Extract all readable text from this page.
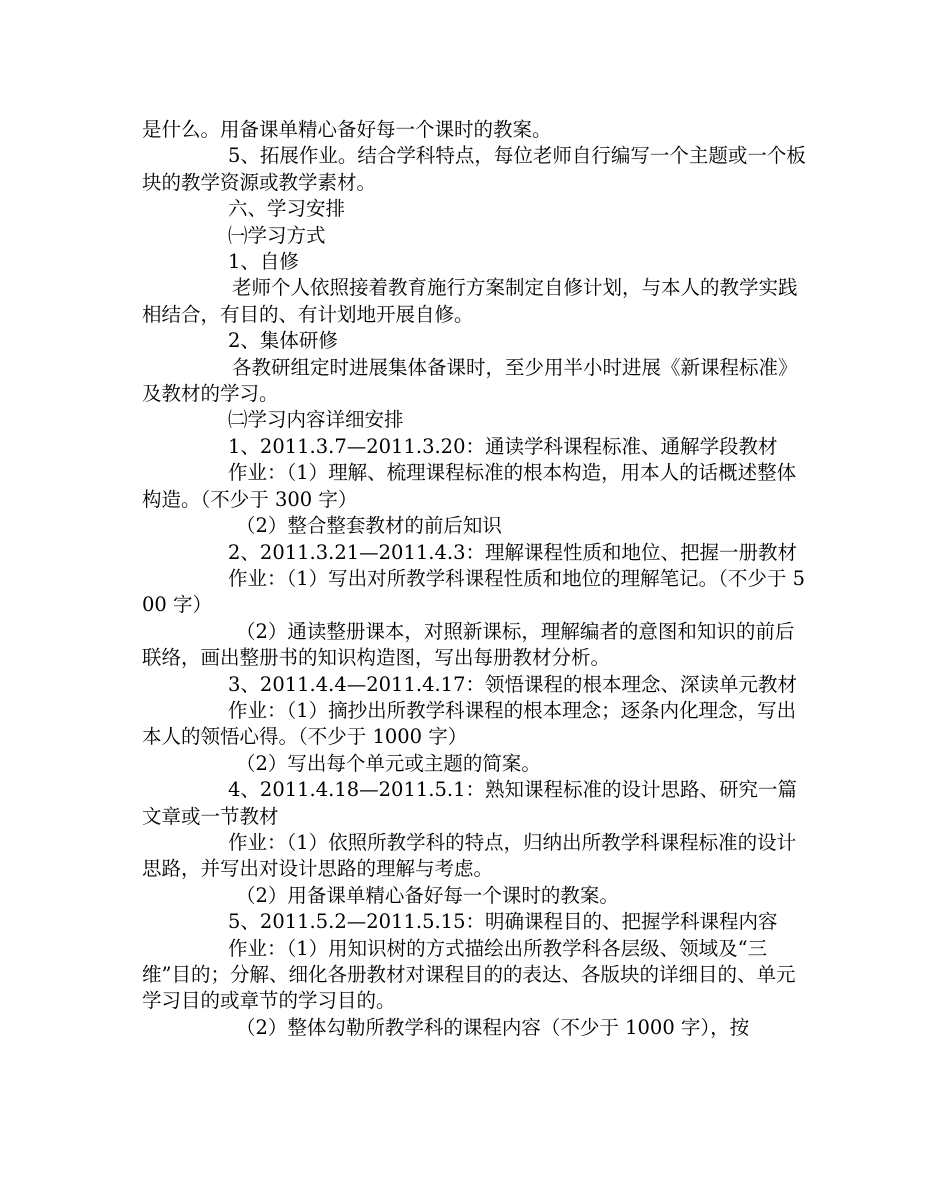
是什么。用备课单精心备好每一个课时的教案。

5、拓展作业。结合学科特点，每位老师自行编写一个主题或一个板块的教学资源或教学素材。

六、学习安排

㈠学习方式

1、自修

老师个人依照接着教育施行方案制定自修计划，与本人的教学实践相结合，有目的、有计划地开展自修。

2、集体研修

各教研组定时进展集体备课时，至少用半小时进展《新课程标准》及教材的学习。

㈡学习内容详细安排

1、2011.3.7—2011.3.20：通读学科课程标准、通解学段教材

作业：（1）理解、梳理课程标准的根本构造，用本人的话概述整体构造。（不少于 300 字）

（2）整合整套教材的前后知识

2、2011.3.21—2011.4.3：理解课程性质和地位、把握一册教材

作业：（1）写出对所教学科课程性质和地位的理解笔记。（不少于 500 字）

（2）通读整册课本，对照新课标，理解编者的意图和知识的前后联络，画出整册书的知识构造图，写出每册教材分析。

3、2011.4.4—2011.4.17：领悟课程的根本理念、深读单元教材

作业：（1）摘抄出所教学科课程的根本理念；逐条内化理念，写出本人的领悟心得。（不少于 1000 字）

（2）写出每个单元或主题的简案。

4、2011.4.18—2011.5.1：熟知课程标准的设计思路、研究一篇文章或一节教材

作业：（1）依照所教学科的特点，归纳出所教学科课程标准的设计思路，并写出对设计思路的理解与考虑。

（2）用备课单精心备好每一个课时的教案。

5、2011.5.2—2011.5.15：明确课程目的、把握学科课程内容

作业：（1）用知识树的方式描绘出所教学科各层级、领域及“三维”目的；分解、细化各册教材对课程目的的表达、各版块的详细目的、单元学习目的或章节的学习目的。

（2）整体勾勒所教学科的课程内容（不少于 1000 字），按
